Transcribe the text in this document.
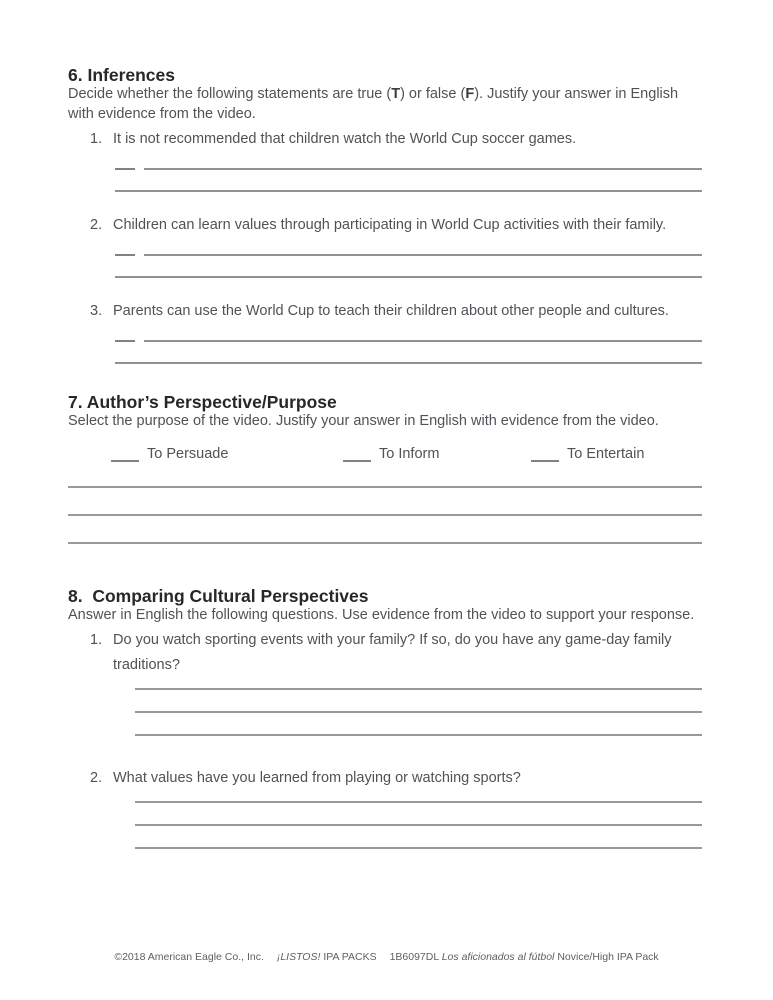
6. Inferences

Decide whether the following statements are true (T) or false (F). Justify your answer in English with evidence from the video.

1. It is not recommended that children watch the World Cup soccer games.

2. Children can learn values through participating in World Cup activities with their family.

3. Parents can use the World Cup to teach their children about other people and cultures.

7. Author’s Perspective/Purpose

Select the purpose of the video. Justify your answer in English with evidence from the video.

To Persuade	To Inform	To Entertain
8.  Comparing Cultural Perspectives

Answer in English the following questions. Use evidence from the video to support your response.

1. Do you watch sporting events with your family? If so, do you have any game-day family traditions?

2. What values have you learned from playing or watching sports?

©2018 American Eagle Co., Inc. ¡LISTOS! IPA PACKS 1B6097DL Los aficionados al fútbol Novice/High IPA Pack
